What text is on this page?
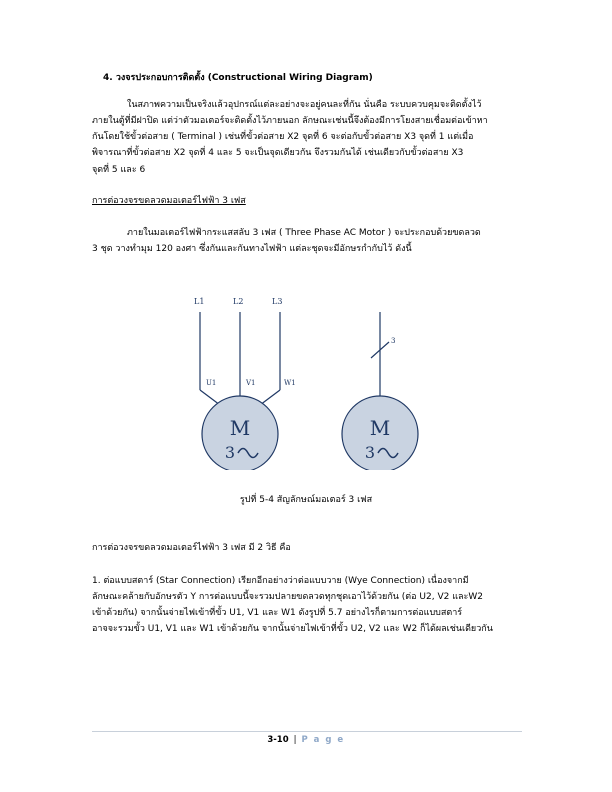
4. วงจรประกอบการติดตั้ง (Constructional Wiring Diagram)
ในสภาพความเป็นจริงแล้วอุปกรณ์แต่ละอย่างจะอยู่คนละที่กัน นั่นคือ ระบบควบคุมจะติดตั้งไว้
ภายในตู้ที่มีฝาปิด แต่ว่าตัวมอเตอร์จะติดตั้งไว้ภายนอก ลักษณะเช่นนี้จึงต้องมีการโยงสายเชื่อมต่อเข้าหา
กันโดยใช้ขั้วต่อสาย ( Terminal ) เช่นที่ขั้วต่อสาย X2 จุดที่ 6 จะต่อกับขั้วต่อสาย X3 จุดที่ 1 แต่เมื่อ
พิจารณาที่ขั้วต่อสาย X2 จุดที่ 4 และ 5 จะเป็นจุดเดียวกัน จึงรวมกันได้ เช่นเดียวกับขั้วต่อสาย X3
จุดที่ 5 และ 6
การต่อวงจรขดลวดมอเตอร์ไฟฟ้า 3 เฟส
ภายในมอเตอร์ไฟฟ้ากระแสสลับ 3 เฟส ( Three Phase AC Motor ) จะประกอบด้วยขดลวด
3 ชุด วางทำมุม 120 องศา ซึ่งกันและกันทางไฟฟ้า แต่ละชุดจะมีอักษรกำกับไว้ ดังนี้
L1	L2	L3
U1	V1	W1
M
3
3
M
3
รูปที่ 5-4 สัญลักษณ์มอเตอร์ 3 เฟส
การต่อวงจรขดลวดมอเตอร์ไฟฟ้า 3 เฟส มี 2 วิธี คือ
1. ต่อแบบสตาร์ (Star Connection) เรียกอีกอย่างว่าต่อแบบวาย (Wye Connection) เนื่องจากมี
ลักษณะคล้ายกับอักษรตัว Y การต่อแบบนี้จะรวมปลายขดลวดทุกชุดเอาไว้ด้วยกัน (ต่อ U2, V2 และW2
เข้าด้วยกัน) จากนั้นจ่ายไฟเข้าที่ขั้ว U1, V1 และ W1 ดังรูปที่ 5.7 อย่างไรก็ตามการต่อแบบสตาร์
อาจจะรวมขั้ว U1, V1 และ W1 เข้าด้วยกัน จากนั้นจ่ายไฟเข้าที่ขั้ว U2, V2 และ W2 ก็ได้ผลเช่นเดียวกัน
3-10 | P a g e
